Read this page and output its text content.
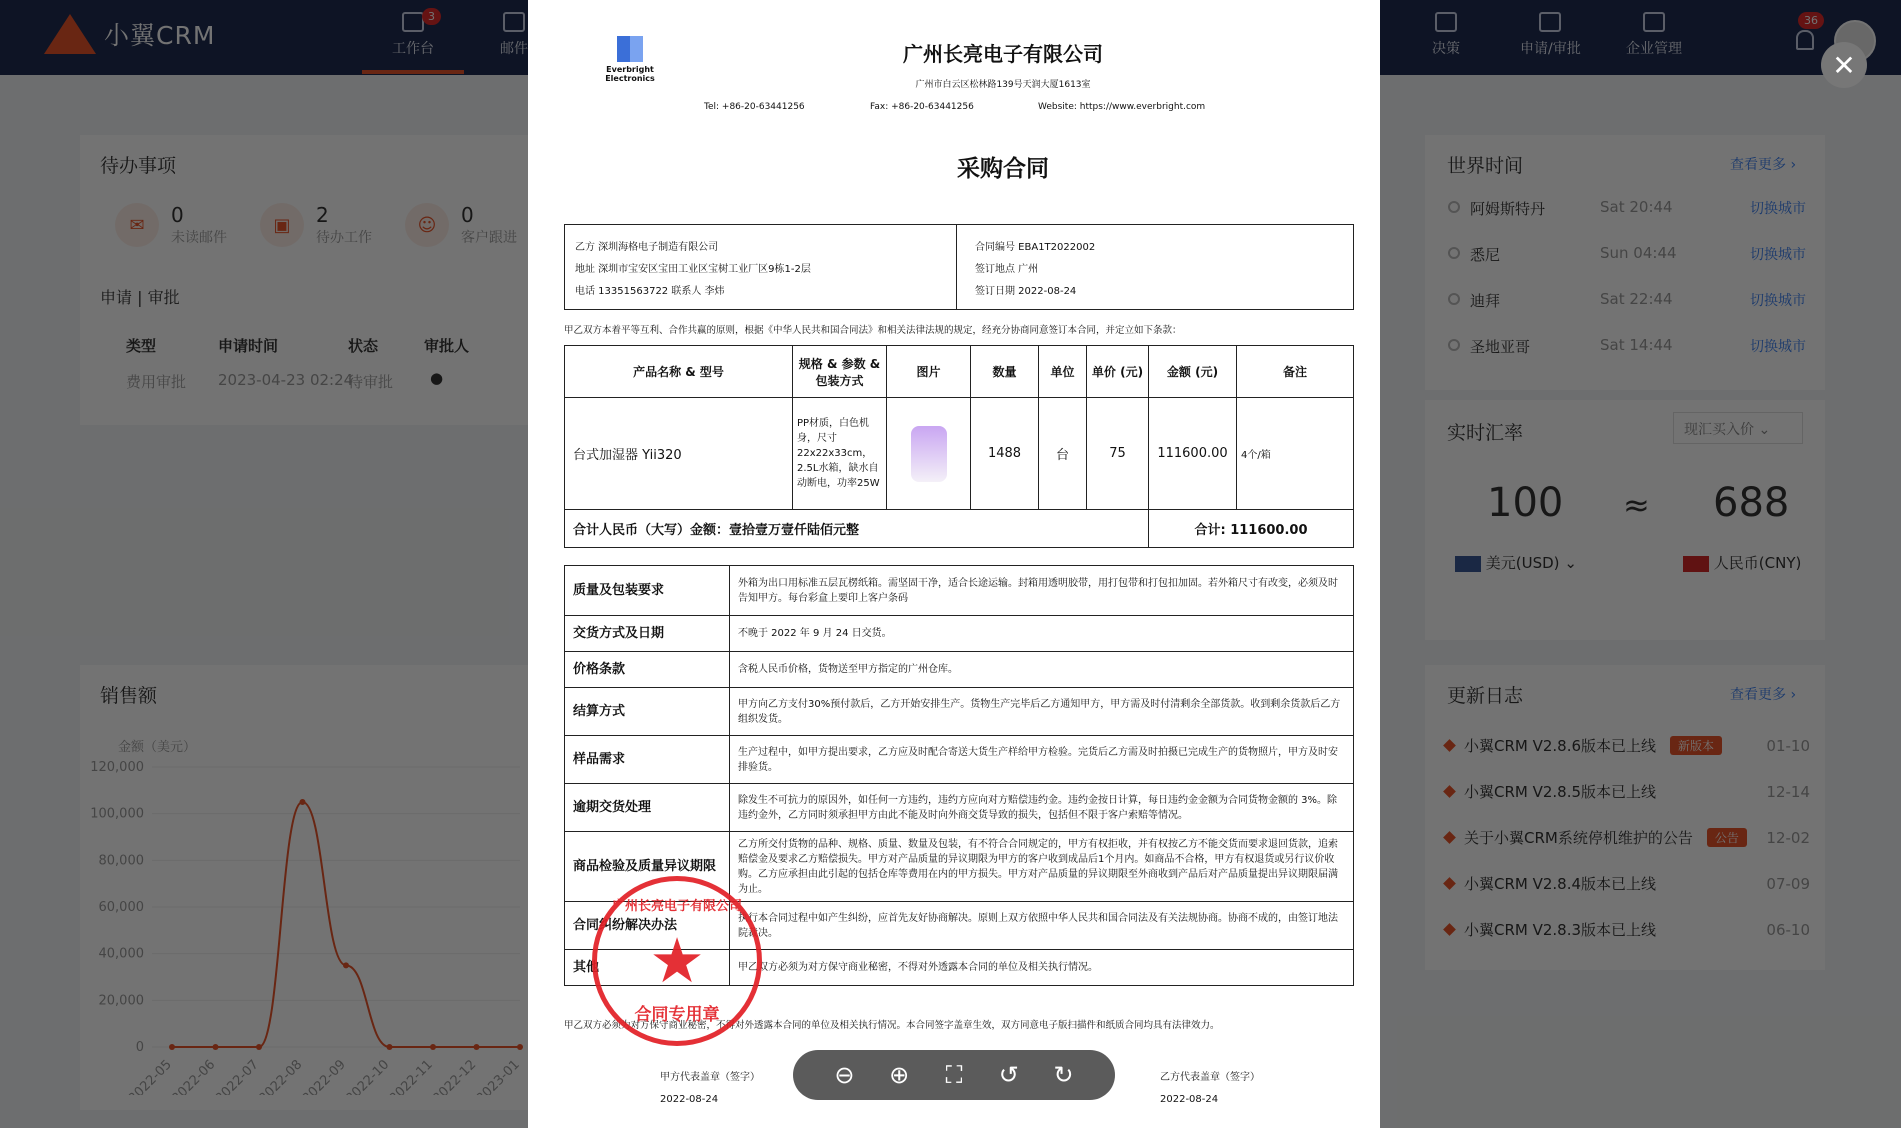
Everbright Electronics
广州长亮电子有限公司
广州市白云区松林路139号天润大厦1613室
Tel: +86-20-63441256	Fax: +86-20-63441256	Website: https://www.everbright.com
采购合同
乙方 深圳海格电子制造有限公司
地址 深圳市宝安区宝田工业区宝树工业厂区9栋1-2层
电话 13351563722 联系人 李炜
合同编号 EBA1T2022002
签订地点 广州
签订日期 2022-08-24
甲乙双方本着平等互利、合作共赢的原则，根据《中华人民共和国合同法》和相关法律法规的规定，经充分协商同意签订本合同，并定立如下条款：
产品名称 & 型号	规格 & 参数 & 包装方式	图片	数量	单位	单价 (元)	金额 (元)	备注
台式加湿器 Yii320	PP材质，白色机身，尺寸22x22x33cm，2.5L水箱，缺水自动断电，功率25W		1488	台	75	111600.00	4个/箱
合计人民币（大写）金额：壹拾壹万壹仟陆佰元整						合计: 111600.00	
质量及包装要求	外箱为出口用标准五层瓦楞纸箱。需坚固干净，适合长途运输。封箱用透明胶带，用打包带和打包扣加固。若外箱尺寸有改变，必须及时告知甲方。每台彩盒上要印上客户条码
交货方式及日期	不晚于 2022 年 9 月 24 日交货。
价格条款	含税人民币价格，货物送至甲方指定的广州仓库。
结算方式	甲方向乙方支付30%预付款后，乙方开始安排生产。货物生产完毕后乙方通知甲方，甲方需及时付清剩余全部货款。收到剩余货款后乙方组织发货。
样品需求	生产过程中，如甲方提出要求，乙方应及时配合寄送大货生产样给甲方检验。完货后乙方需及时拍摄已完成生产的货物照片，甲方及时安排验货。
逾期交货处理	除发生不可抗力的原因外，如任何一方违约，违约方应向对方赔偿违约金。违约金按日计算，每日违约金金额为合同货物金额的 3%。除违约金外，乙方同时须承担甲方由此不能及时向外商交货导致的损失，包括但不限于客户索赔等情况。
商品检验及质量异议期限	乙方所交付货物的品种、规格、质量、数量及包装，有不符合合同规定的，甲方有权拒收，并有权按乙方不能交货而要求退回货款，追索赔偿金及要求乙方赔偿损失。甲方对产品质量的异议期限为甲方的客户收到成品后1个月内。如商品不合格，甲方有权退货或另行议价收购。乙方应承担由此引起的包括仓库等费用在内的甲方损失。甲方对产品质量的异议期限至外商收到产品后对产品质量提出异议期限届满为止。
合同纠纷解决办法	执行本合同过程中如产生纠纷，应首先友好协商解决。原则上双方依照中华人民共和国合同法及有关法规协商。协商不成的，由签订地法院裁决。
其他	甲乙双方必须为对方保守商业秘密，不得对外透露本合同的单位及相关执行情况。
甲乙双方必须为对方保守商业秘密，不得对外透露本合同的单位及相关执行情况。本合同签字盖章生效，双方同意电子版扫描件和纸质合同均具有法律效力。
甲方代表盖章（签字）	乙方代表盖章（签字）
2022-08-24	2022-08-24
广州长亮电子有限公司
★
合同专用章
⊖ ⊕ ⛶ ↺ ↻
✕
